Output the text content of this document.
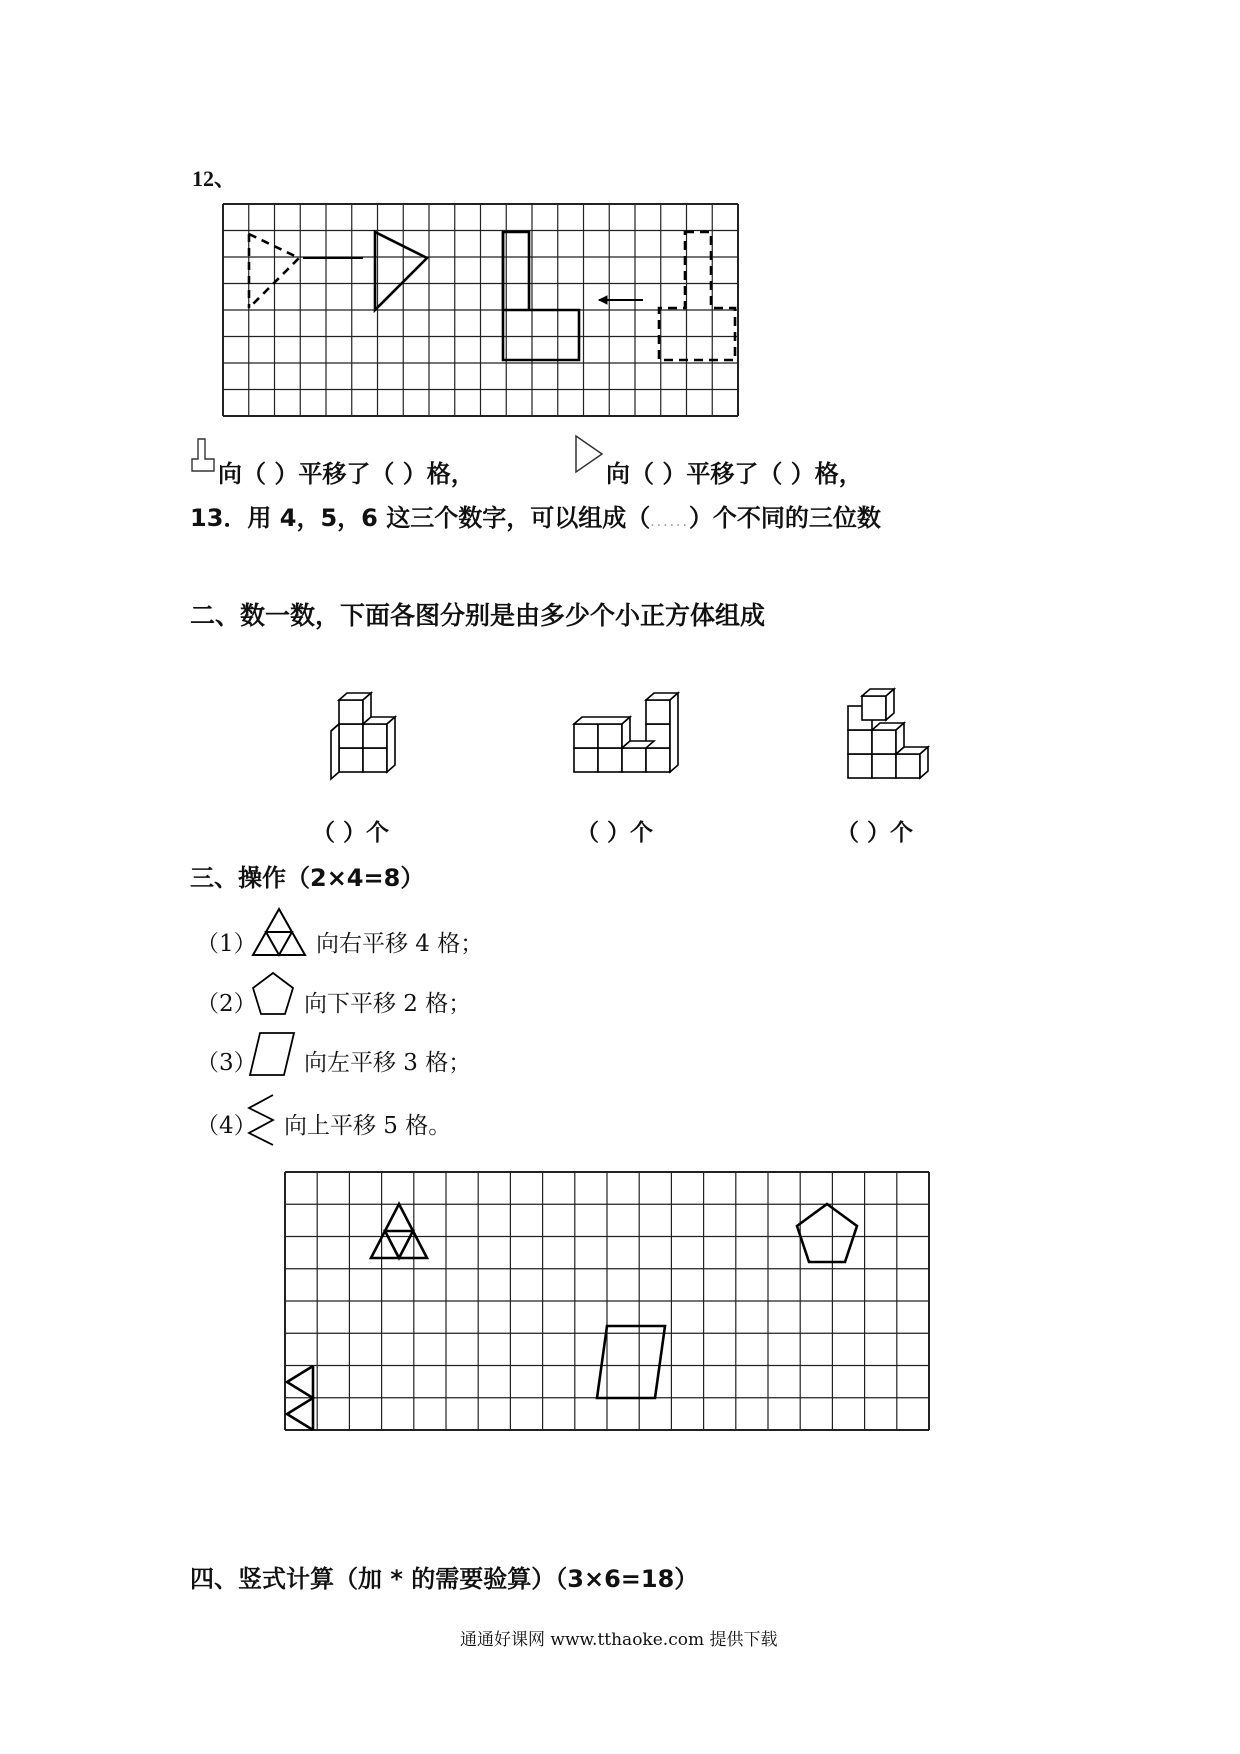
12、
向（ ）平移了（ ）格，	向（ ）平移了（ ）格，
13．用 4，5，6 这三个数字，可以组成（......）个不同的三位数
二、数一数，下面各图分别是由多少个小正方体组成
（ ）个	（ ）个	（ ）个
三、操作（2×4=8）
（1）	向右平移 4 格；
（2） 向下平移 2 格；
（3） 向左平移 3 格；
（4） 向上平移 5 格。
四、竖式计算（加 * 的需要验算）（3×6=18）
通通好课网 www.tthaoke.com 提供下载
